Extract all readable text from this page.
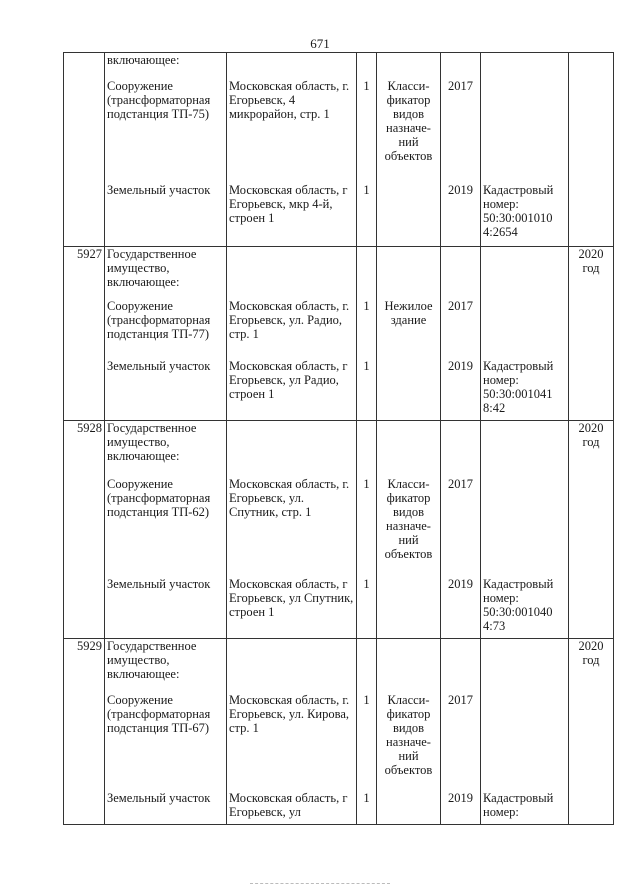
671
	включающее:						
	Сооружение (трансформаторная подстанция ТП-75)	Московская область, г. Егорьевск, 4 микрорайон, стр. 1	1	Класси-фикатор видов назначе-ний объектов	2017		
	Земельный участок	Московская область, г Егорьевск, мкр 4-й, строен 1	1		2019	Кадастровый номер: 50:30:001010 4:2654	
5927	Государственное имущество, включающее:						2020 год
	Сооружение (трансформаторная подстанция ТП-77)	Московская область, г. Егорьевск, ул. Радио, стр. 1	1	Нежилое здание	2017		
	Земельный участок	Московская область, г Егорьевск, ул Радио, строен 1	1		2019	Кадастровый номер: 50:30:001041 8:42	
5928	Государственное имущество, включающее:						2020 год
	Сооружение (трансформаторная подстанция ТП-62)	Московская область, г. Егорьевск, ул. Спутник, стр. 1	1	Класси-фикатор видов назначе-ний объектов	2017		
	Земельный участок	Московская область, г Егорьевск, ул Спутник, строен 1	1		2019	Кадастровый номер: 50:30:001040 4:73	
5929	Государственное имущество, включающее:						2020 год
	Сооружение (трансформаторная подстанция ТП-67)	Московская область, г. Егорьевск, ул. Кирова, стр. 1	1	Класси-фикатор видов назначе-ний объектов	2017		
	Земельный участок	Московская область, г Егорьевск, ул	1		2019	Кадастровый номер:	
